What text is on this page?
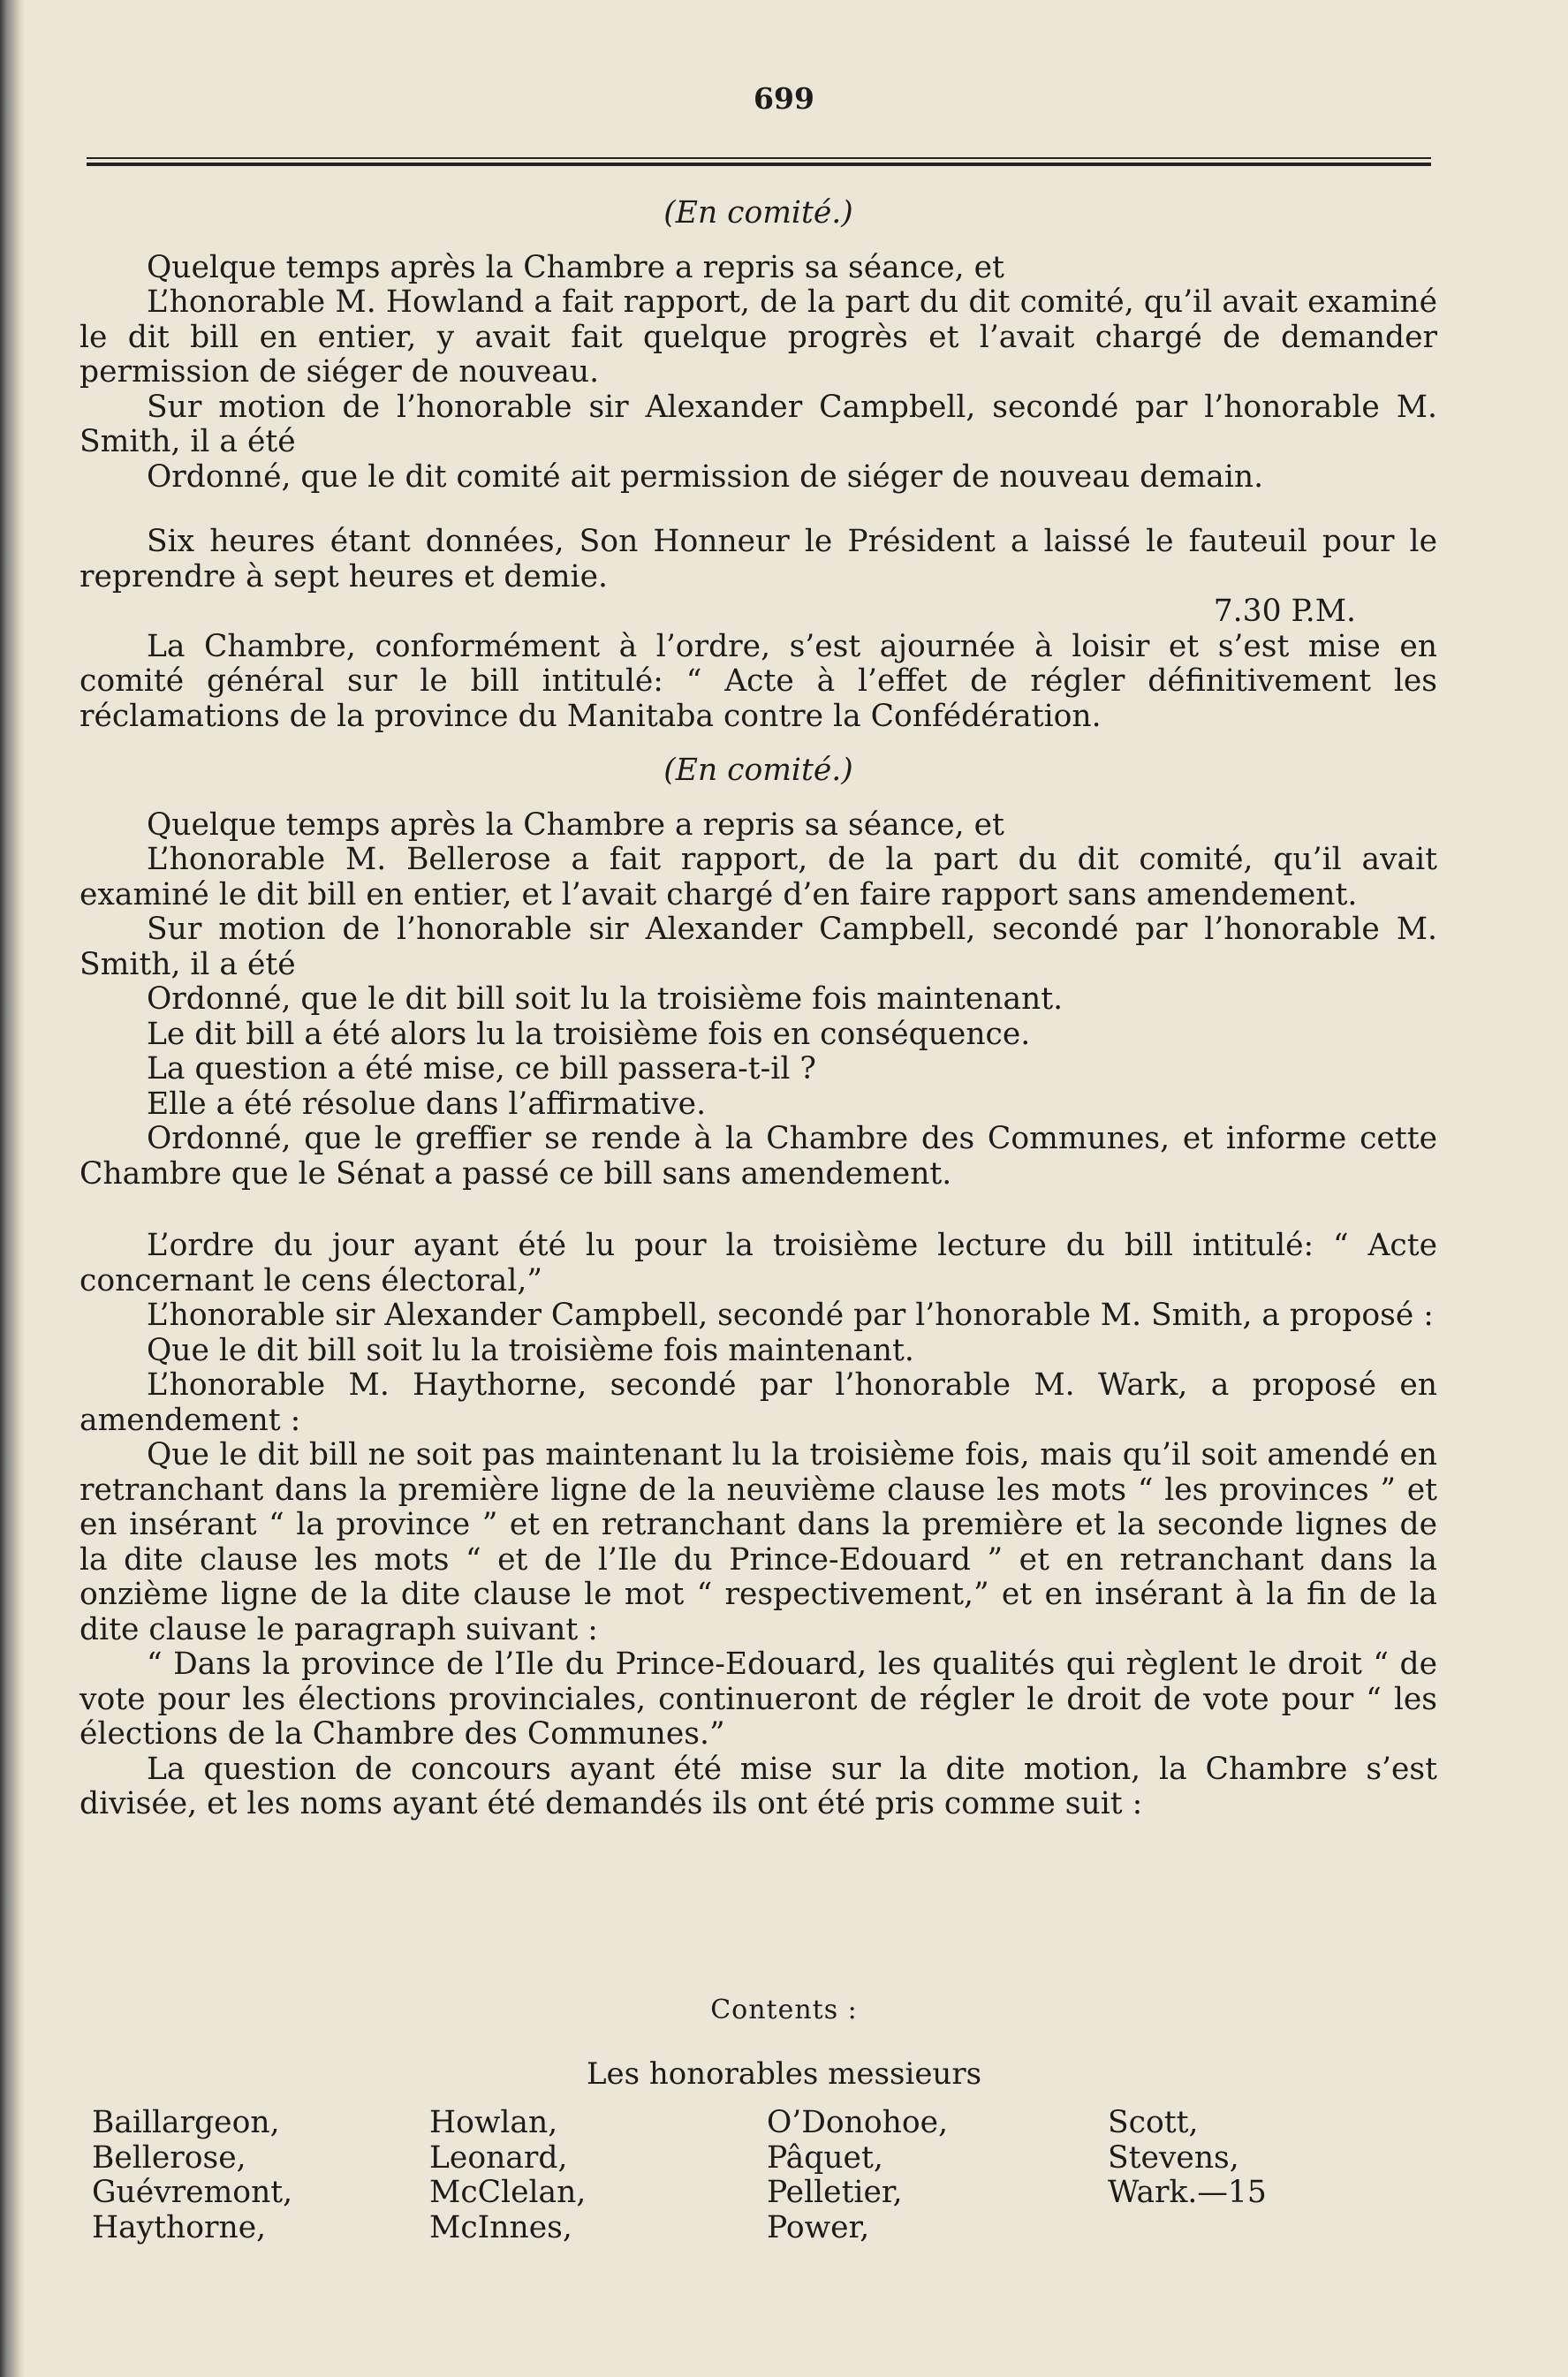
699

(En comité.)

Quelque temps après la Chambre a repris sa séance, et

L’honorable M. Howland a fait rapport, de la part du dit comité, qu’il avait examiné le dit bill en entier, y avait fait quelque progrès et l’avait chargé de demander permission de siéger de nouveau.

Sur motion de l’honorable sir Alexander Campbell, secondé par l’honorable M. Smith, il a été

Ordonné, que le dit comité ait permission de siéger de nouveau demain.

Six heures étant données, Son Honneur le Président a laissé le fauteuil pour le reprendre à sept heures et demie.

7.30 P.M.

La Chambre, conformément à l’ordre, s’est ajournée à loisir et s’est mise en comité général sur le bill intitulé: “ Acte à l’effet de régler définitivement les réclamations de la province du Manitaba contre la Confédération.

(En comité.)

Quelque temps après la Chambre a repris sa séance, et

L’honorable M. Bellerose a fait rapport, de la part du dit comité, qu’il avait examiné le dit bill en entier, et l’avait chargé d’en faire rapport sans amendement.

Sur motion de l’honorable sir Alexander Campbell, secondé par l’honorable M. Smith, il a été

Ordonné, que le dit bill soit lu la troisième fois maintenant.

Le dit bill a été alors lu la troisième fois en conséquence.

La question a été mise, ce bill passera-t-il ?

Elle a été résolue dans l’affirmative.

Ordonné, que le greffier se rende à la Chambre des Communes, et informe cette Chambre que le Sénat a passé ce bill sans amendement.

L’ordre du jour ayant été lu pour la troisième lecture du bill intitulé: “ Acte concernant le cens électoral,”

L’honorable sir Alexander Campbell, secondé par l’honorable M. Smith, a proposé :

Que le dit bill soit lu la troisième fois maintenant.

L’honorable M. Haythorne, secondé par l’honorable M. Wark, a proposé en amendement :

Que le dit bill ne soit pas maintenant lu la troisième fois, mais qu’il soit amendé en retranchant dans la première ligne de la neuvième clause les mots “ les provinces ” et en insérant “ la province ” et en retranchant dans la première et la seconde lignes de la dite clause les mots “ et de l’Ile du Prince-Edouard ” et en retranchant dans la onzième ligne de la dite clause le mot “ respectivement,” et en insérant à la fin de la dite clause le paragraph suivant :

“ Dans la province de l’Ile du Prince-Edouard, les qualités qui règlent le droit “ de vote pour les élections provinciales, continueront de régler le droit de vote pour “ les élections de la Chambre des Communes.”

La question de concours ayant été mise sur la dite motion, la Chambre s’est divisée, et les noms ayant été demandés ils ont été pris comme suit :

Contents :
Les honorables messieurs
Baillargeon,
Bellerose,
Guévremont,
Haythorne,
Howlan,
Leonard,
McClelan,
McInnes,
O’Donohoe,
Pâquet,
Pelletier,
Power,
Scott,
Stevens,
Wark.—15
